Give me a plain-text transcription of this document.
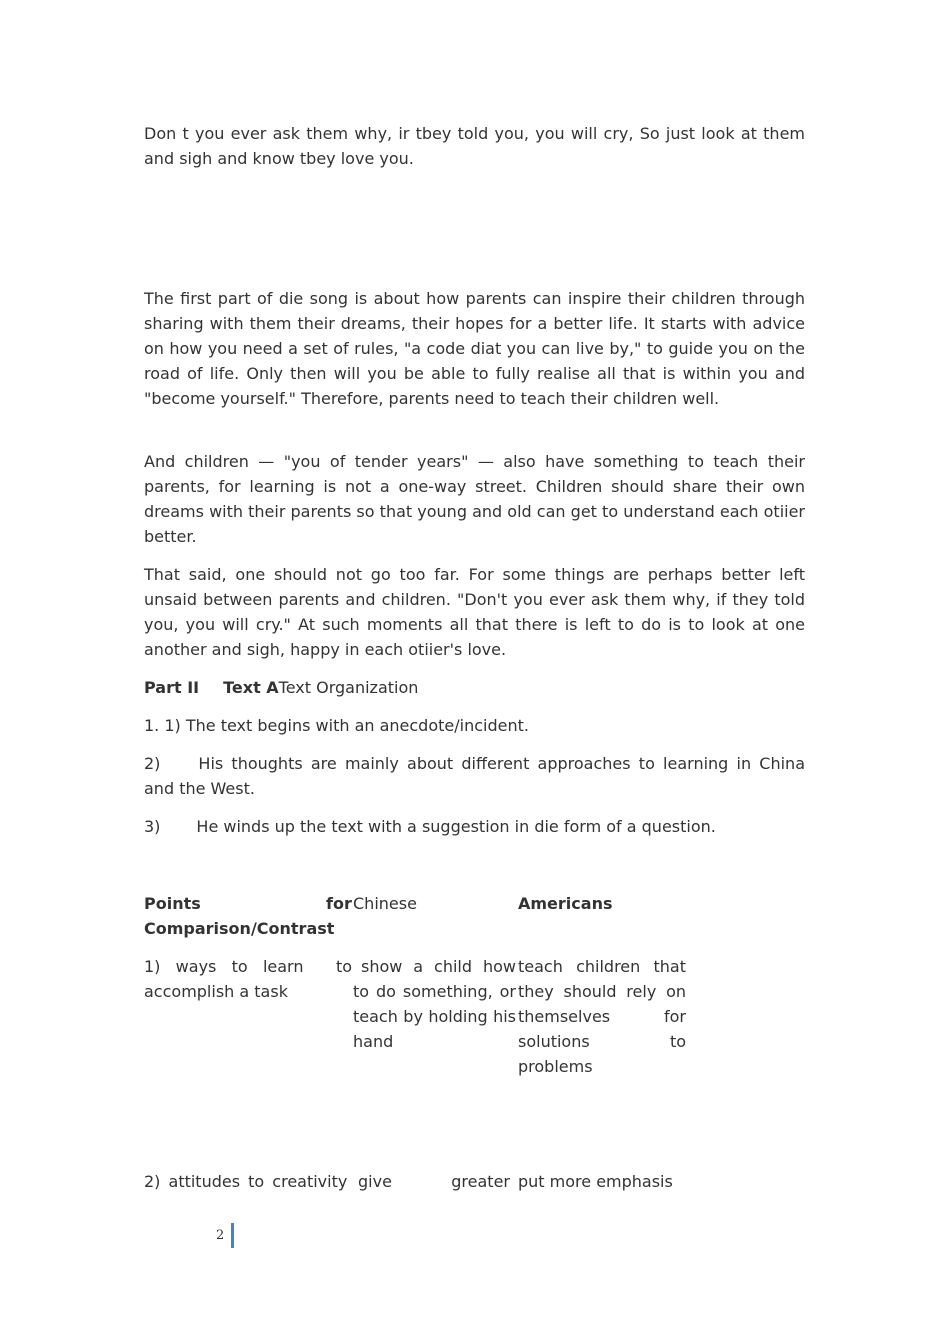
Don t you ever ask them why, ir tbey told you, you will cry, So just look at them and sigh and know tbey love you.

The first part of die song is about how parents can inspire their children through sharing with them their dreams, their hopes for a better life. It starts with advice on how you need a set of rules, "a code diat you can live by," to guide you on the road of life. Only then will you be able to fully realise all that is within you and "become yourself." Therefore, parents need to teach their children well.

And children — "you of tender years" — also have something to teach their parents, for learning is not a one-way street. Children should share their own dreams with their parents so that young and old can get to understand each otiier better.

That said, one should not go too far. For some things are perhaps better left unsaid between parents and children. "Don't you ever ask them why, if they told you, you will cry." At such moments all that there is left to do is to look at one another and sigh, happy in each otiier's love.

Part II Text AText Organization

1. 1) The text begins with an anecdote/incident.

2) His thoughts are mainly about different approaches to learning in China and the West.

3) He winds up the text with a suggestion in die form of a question.

Points	for Chinese	Americans
Comparison/Contrast
1)   ways   to   learn
accomplish a task
to show a child how to do something, or teach by holding his hand

teach children that they should rely on themselves for solutions to problems

2) attitudes to creativity give greater put more emphasis
2
